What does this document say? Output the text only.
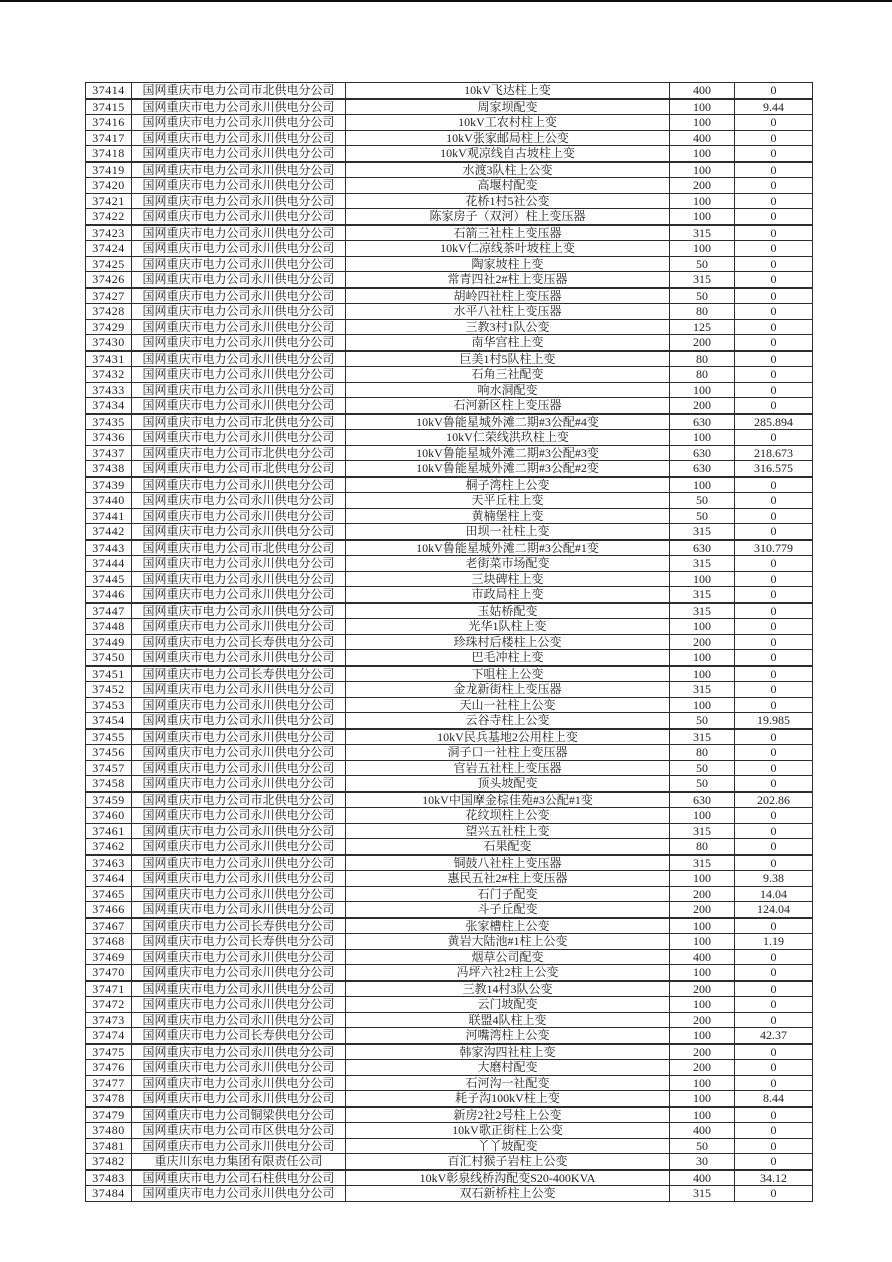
37414	国网重庆市电力公司市北供电分公司	10kV飞达柱上变	400	0
37415	国网重庆市电力公司永川供电分公司	周家坝配变	100	9.44
37416	国网重庆市电力公司永川供电分公司	10kV工农村柱上变	100	0
37417	国网重庆市电力公司永川供电分公司	10kV张家邮局柱上公变	400	0
37418	国网重庆市电力公司永川供电分公司	10kV观凉线自古坡柱上变	100	0
37419	国网重庆市电力公司永川供电分公司	水渡3队柱上公变	100	0
37420	国网重庆市电力公司永川供电分公司	高堰村配变	200	0
37421	国网重庆市电力公司永川供电分公司	花桥1村5社公变	100	0
37422	国网重庆市电力公司永川供电分公司	陈家房子（双河）柱上变压器	100	0
37423	国网重庆市电力公司永川供电分公司	石箭三社柱上变压器	315	0
37424	国网重庆市电力公司永川供电分公司	10kV仁凉线茶叶坡柱上变	100	0
37425	国网重庆市电力公司永川供电分公司	陶家坡柱上变	50	0
37426	国网重庆市电力公司永川供电分公司	常青四社2#柱上变压器	315	0
37427	国网重庆市电力公司永川供电分公司	胡岭四社柱上变压器	50	0
37428	国网重庆市电力公司永川供电分公司	水平八社柱上变压器	80	0
37429	国网重庆市电力公司永川供电分公司	三教3村1队公变	125	0
37430	国网重庆市电力公司永川供电分公司	南华宫柱上变	200	0
37431	国网重庆市电力公司永川供电分公司	巨美1村5队柱上变	80	0
37432	国网重庆市电力公司永川供电分公司	石角三社配变	80	0
37433	国网重庆市电力公司永川供电分公司	响水洞配变	100	0
37434	国网重庆市电力公司永川供电分公司	石河新区柱上变压器	200	0
37435	国网重庆市电力公司市北供电分公司	10kV鲁能星城外滩二期#3公配#4变	630	285.894
37436	国网重庆市电力公司永川供电分公司	10kV仁荣线洪玖柱上变	100	0
37437	国网重庆市电力公司市北供电分公司	10kV鲁能星城外滩二期#3公配#3变	630	218.673
37438	国网重庆市电力公司市北供电分公司	10kV鲁能星城外滩二期#3公配#2变	630	316.575
37439	国网重庆市电力公司永川供电分公司	桐子湾柱上公变	100	0
37440	国网重庆市电力公司永川供电分公司	天平丘柱上变	50	0
37441	国网重庆市电力公司永川供电分公司	黄楠堡柱上变	50	0
37442	国网重庆市电力公司永川供电分公司	田坝一社柱上变	315	0
37443	国网重庆市电力公司市北供电分公司	10kV鲁能星城外滩二期#3公配#1变	630	310.779
37444	国网重庆市电力公司永川供电分公司	老街菜市场配变	315	0
37445	国网重庆市电力公司永川供电分公司	三块碑柱上变	100	0
37446	国网重庆市电力公司永川供电分公司	市政局柱上变	315	0
37447	国网重庆市电力公司永川供电分公司	玉姑桥配变	315	0
37448	国网重庆市电力公司永川供电分公司	光华1队柱上变	100	0
37449	国网重庆市电力公司长寿供电分公司	珍珠村后楼柱上公变	200	0
37450	国网重庆市电力公司永川供电分公司	巴毛冲柱上变	100	0
37451	国网重庆市电力公司长寿供电分公司	下咀柱上公变	100	0
37452	国网重庆市电力公司永川供电分公司	金龙新街柱上变压器	315	0
37453	国网重庆市电力公司永川供电分公司	天山一社柱上公变	100	0
37454	国网重庆市电力公司永川供电分公司	云谷寺柱上公变	50	19.985
37455	国网重庆市电力公司永川供电分公司	10kV民兵基地2公用柱上变	315	0
37456	国网重庆市电力公司永川供电分公司	洞子口一社柱上变压器	80	0
37457	国网重庆市电力公司永川供电分公司	官岩五社柱上变压器	50	0
37458	国网重庆市电力公司永川供电分公司	顶头坡配变	50	0
37459	国网重庆市电力公司市北供电分公司	10kV中国摩金棕佳苑#3公配#1变	630	202.86
37460	国网重庆市电力公司永川供电分公司	花纹坝柱上公变	100	0
37461	国网重庆市电力公司永川供电分公司	望兴五社柱上变	315	0
37462	国网重庆市电力公司永川供电分公司	石果配变	80	0
37463	国网重庆市电力公司永川供电分公司	铜鼓八社柱上变压器	315	0
37464	国网重庆市电力公司永川供电分公司	惠民五社2#柱上变压器	100	9.38
37465	国网重庆市电力公司永川供电分公司	石门子配变	200	14.04
37466	国网重庆市电力公司永川供电分公司	斗子丘配变	200	124.04
37467	国网重庆市电力公司长寿供电分公司	张家槽柱上公变	100	0
37468	国网重庆市电力公司长寿供电分公司	黄岩大陆池#1柱上公变	100	1.19
37469	国网重庆市电力公司永川供电分公司	烟草公司配变	400	0
37470	国网重庆市电力公司永川供电分公司	冯坪六社2柱上公变	100	0
37471	国网重庆市电力公司永川供电分公司	三教14村3队公变	200	0
37472	国网重庆市电力公司永川供电分公司	云门坡配变	100	0
37473	国网重庆市电力公司永川供电分公司	联盟4队柱上变	200	0
37474	国网重庆市电力公司长寿供电分公司	河嘴湾柱上公变	100	42.37
37475	国网重庆市电力公司永川供电分公司	韩家沟四社柱上变	200	0
37476	国网重庆市电力公司永川供电分公司	大磨村配变	200	0
37477	国网重庆市电力公司永川供电分公司	石河沟一社配变	100	0
37478	国网重庆市电力公司永川供电分公司	耗子沟100kV柱上变	100	8.44
37479	国网重庆市电力公司铜梁供电分公司	新房2社2号柱上公变	100	0
37480	国网重庆市电力公司市区供电分公司	10kV歌正街柱上公变	400	0
37481	国网重庆市电力公司永川供电分公司	丫丫坡配变	50	0
37482	重庆川东电力集团有限责任公司	百汇村猴子岩柱上公变	30	0
37483	国网重庆市电力公司石柱供电分公司	10kV彰泉线桥沟配变S20-400KVA	400	34.12
37484	国网重庆市电力公司永川供电分公司	双石新桥柱上公变	315	0
